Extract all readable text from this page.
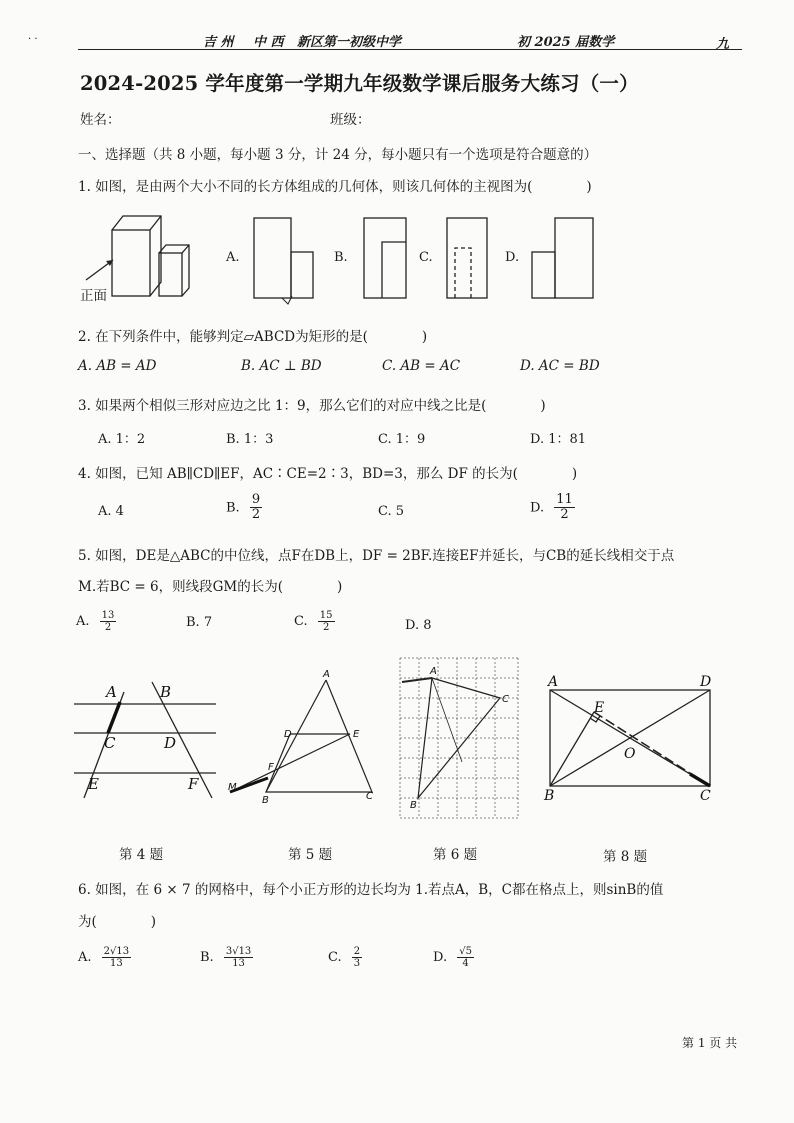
· ·	吉 州 中 西 新区第一初级中学	初 2025 届数学	九
2024-2025 学年度第一学期九年级数学课后服务大练习（一）
姓名：	班级：
一、选择题（共 8 小题，每小题 3 分，计 24 分，每小题只有一个选项是符合题意的）
1. 如图，是由两个大小不同的长方体组成的几何体，则该几何体的主视图为(　　　　)
正面
A.	B.	C.	D.
2. 在下列条件中，能够判定▱ABCD为矩形的是(　　　　)
A. AB = AD	B. AC ⊥ BD	C. AB = AC	D. AC = BD
3. 如果两个相似三形对应边之比 1：9，那么它们的对应中线之比是(　　　　)
A. 1：2	B. 1：3	C. 1：9	D. 1：81
4. 如图，已知 AB∥CD∥EF，AC∶CE=2∶3，BD=3，那么 DF 的长为(　　　　)
A. 4	B. $\frac{9}{2}$	C. 5	D. $\frac{11}{2}$
5. 如图，DE是△ABC的中位线，点F在DB上，DF = 2BF.连接EF并延长，与CB的延长线相交于点
M.若BC = 6，则线段GM的长为(　　　　)
A. $\frac{13}{2}$	B. 7	C. $\frac{15}{2}$	D. 8
A	B
C	D
E	F
第 4 题
A
D	E
F
M
B	C
第 5 题
A
C
B
第 6 题
A	D
E
O
B	C
第 8 题
6. 如图，在 6 × 7 的网格中，每个小正方形的边长均为 1.若点A，B，C都在格点上，则sinB的值
为(　　　　)
A. $\frac{2√13}{13}$	B. $\frac{3√13}{13}$	C. $\frac{2}{3}$	D. $\frac{√5}{4}$
第 1 页 共
